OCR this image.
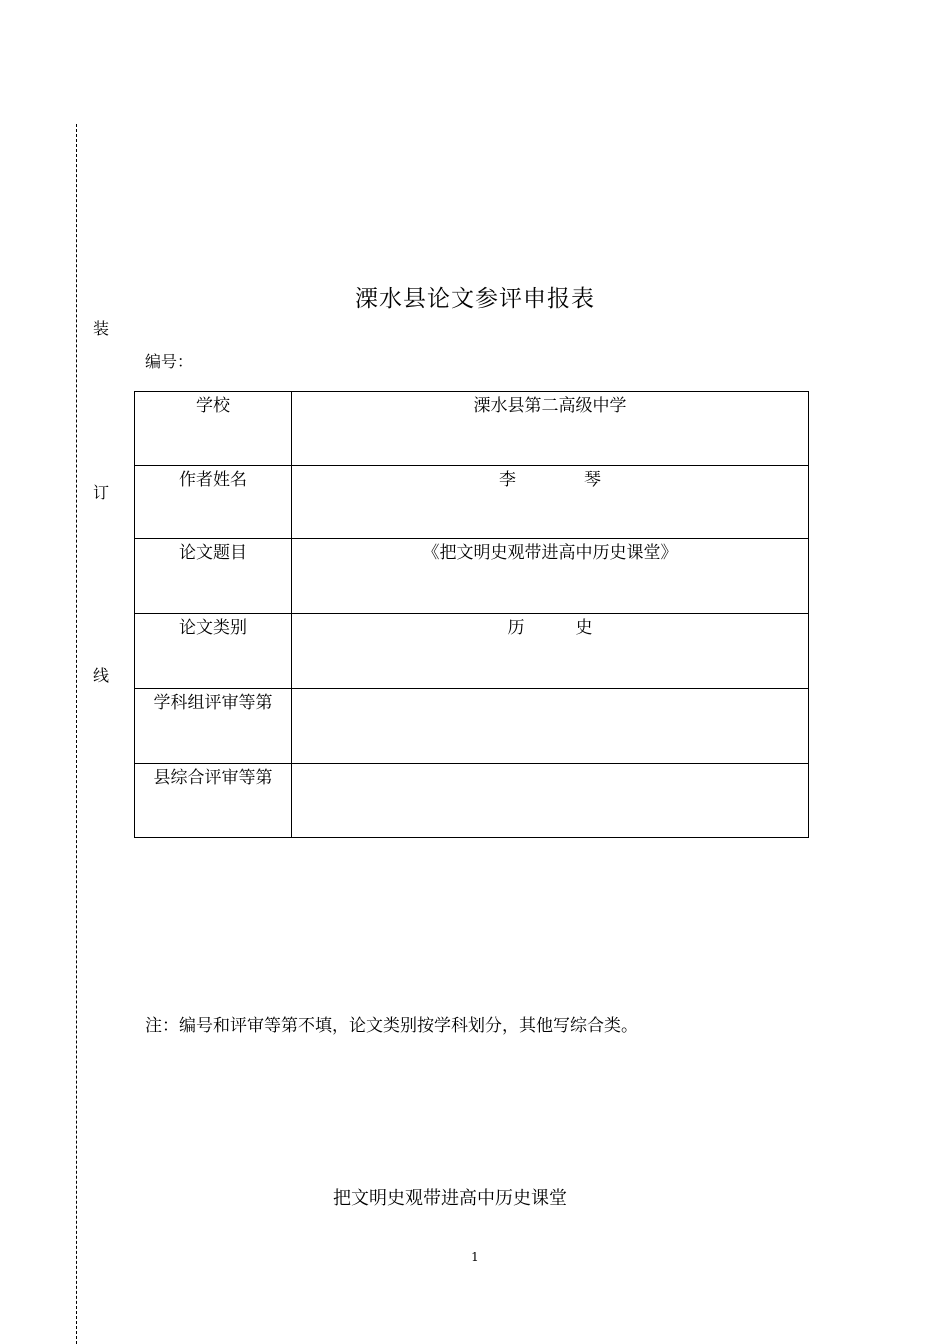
装
订
线
溧水县论文参评申报表
编号：
学校	溧水县第二高级中学
作者姓名	李　　　　琴
论文题目	《把文明史观带进高中历史课堂》
论文类别	历　　　史
学科组评审等第	
县综合评审等第	
注：编号和评审等第不填，论文类别按学科划分，其他写综合类。
把文明史观带进高中历史课堂
1
